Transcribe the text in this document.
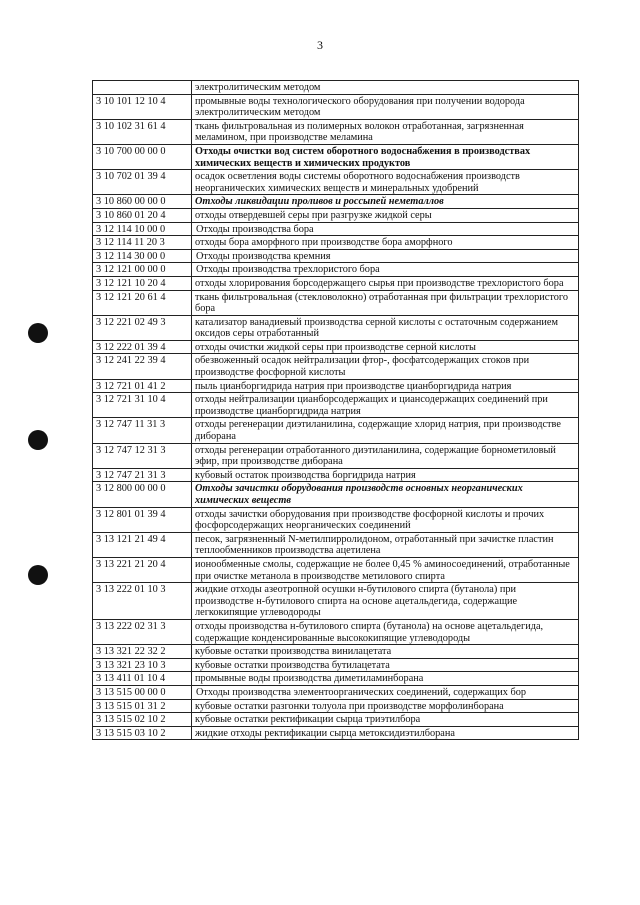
3
	электролитическим методом
3 10 101 12 10 4	промывные воды технологического оборудования при получении водорода электролитическим методом
3 10 102 31 61 4	ткань фильтровальная из полимерных волокон отработанная, загрязненная меламином, при производстве меламина
3 10 700 00 00 0	Отходы очистки вод систем оборотного водоснабжения в производствах химических веществ и химических продуктов
3 10 702 01 39 4	осадок осветления воды системы оборотного водоснабжения производств неорганических химических веществ и минеральных удобрений
3 10 860 00 00 0	Отходы ликвидации проливов и россыпей неметаллов
3 10 860 01 20 4	отходы отвердевшей серы при разгрузке жидкой серы
3 12 114 10 00 0	Отходы производства бора
3 12 114 11 20 3	отходы бора аморфного при производстве бора аморфного
3 12 114 30 00 0	Отходы производства кремния
3 12 121 00 00 0	Отходы производства трехлористого бора
3 12 121 10 20 4	отходы хлорирования борсодержащего сырья при производстве трехлористого бора
3 12 121 20 61 4	ткань фильтровальная (стекловолокно) отработанная при фильтрации трехлористого бора
3 12 221 02 49 3	катализатор ванадиевый производства серной кислоты с остаточным содержанием оксидов серы отработанный
3 12 222 01 39 4	отходы очистки жидкой серы при производстве серной кислоты
3 12 241 22 39 4	обезвоженный осадок нейтрализации фтор-, фосфатсодержащих стоков при производстве фосфорной кислоты
3 12 721 01 41 2	пыль цианборгидрида натрия при производстве цианборгидрида натрия
3 12 721 31 10 4	отходы нейтрализации цианборсодержащих и циансодержащих соединений при производстве цианборгидрида натрия
3 12 747 11 31 3	отходы регенерации диэтиланилина, содержащие хлорид натрия, при производстве диборана
3 12 747 12 31 3	отходы регенерации отработанного диэтиланилина, содержащие борнометиловый эфир, при производстве диборана
3 12 747 21 31 3	кубовый остаток производства боргидрида натрия
3 12 800 00 00 0	Отходы зачистки оборудования производств основных неорганических химических веществ
3 12 801 01 39 4	отходы зачистки оборудования при производстве фосфорной кислоты и прочих фосфорсодержащих неорганических соединений
3 13 121 21 49 4	песок, загрязненный N-метилпирролидоном, отработанный при зачистке пластин теплообменников производства ацетилена
3 13 221 21 20 4	ионообменные смолы, содержащие не более 0,45 % аминосоединений, отработанные при очистке метанола в производстве метилового спирта
3 13 222 01 10 3	жидкие отходы азеотропной осушки н-бутилового спирта (бутанола) при производстве н-бутилового спирта на основе ацетальдегида, содержащие легкокипящие углеводороды
3 13 222 02 31 3	отходы производства н-бутилового спирта (бутанола) на основе ацетальдегида, содержащие конденсированные высококипящие углеводороды
3 13 321 22 32 2	кубовые остатки производства винилацетата
3 13 321 23 10 3	кубовые остатки производства бутилацетата
3 13 411 01 10 4	промывные воды производства диметиламинборана
3 13 515 00 00 0	Отходы производства элементоорганических соединений, содержащих бор
3 13 515 01 31 2	кубовые остатки разгонки толуола при производстве морфолинборана
3 13 515 02 10 2	кубовые остатки ректификации сырца триэтилбора
3 13 515 03 10 2	жидкие отходы ректификации сырца метоксидиэтилборана
